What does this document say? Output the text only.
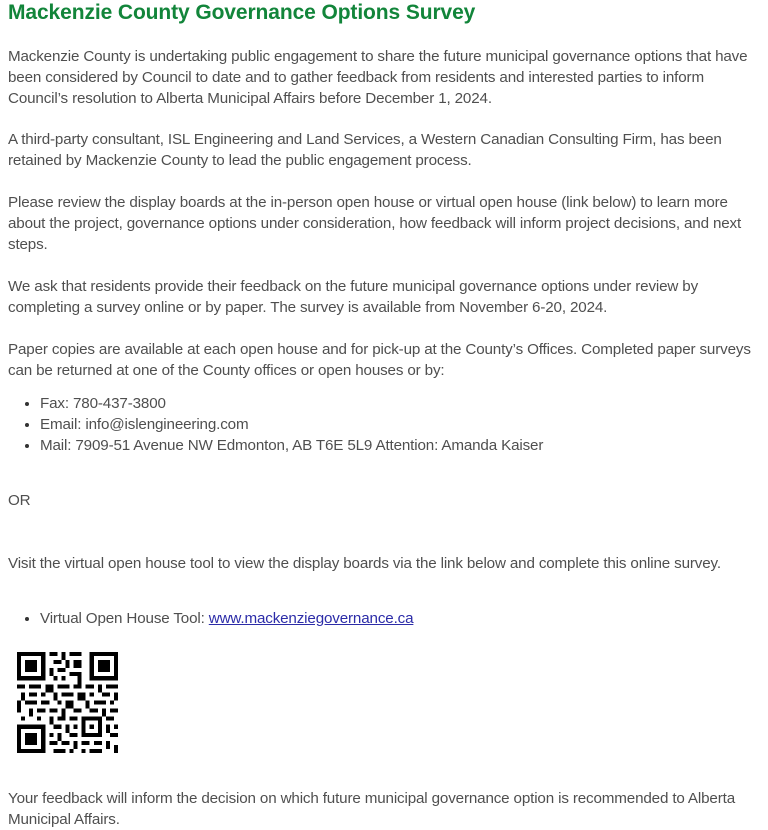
Mackenzie County Governance Options Survey

Mackenzie County is undertaking public engagement to share the future municipal governance options that have been considered by Council to date and to gather feedback from residents and interested parties to inform Council’s resolution to Alberta Municipal Affairs before December 1, 2024.

A third-party consultant, ISL Engineering and Land Services, a Western Canadian Consulting Firm, has been retained by Mackenzie County to lead the public engagement process.

Please review the display boards at the in-person open house or virtual open house (link below) to learn more about the project, governance options under consideration, how feedback will inform project decisions, and next steps.

We ask that residents provide their feedback on the future municipal governance options under review by completing a survey online or by paper. The survey is available from November 6-20, 2024.

Paper copies are available at each open house and for pick-up at the County’s Offices. Completed paper surveys can be returned at one of the County offices or open houses or by:

Fax: 780-437-3800
Email: info@islengineering.com
Mail: 7909-51 Avenue NW Edmonton, AB T6E 5L9 Attention: Amanda Kaiser

OR

Visit the virtual open house tool to view the display boards via the link below and complete this online survey.

Virtual Open House Tool: www.mackenziegovernance.ca

Your feedback will inform the decision on which future municipal governance option is recommended to Alberta Municipal Affairs.
